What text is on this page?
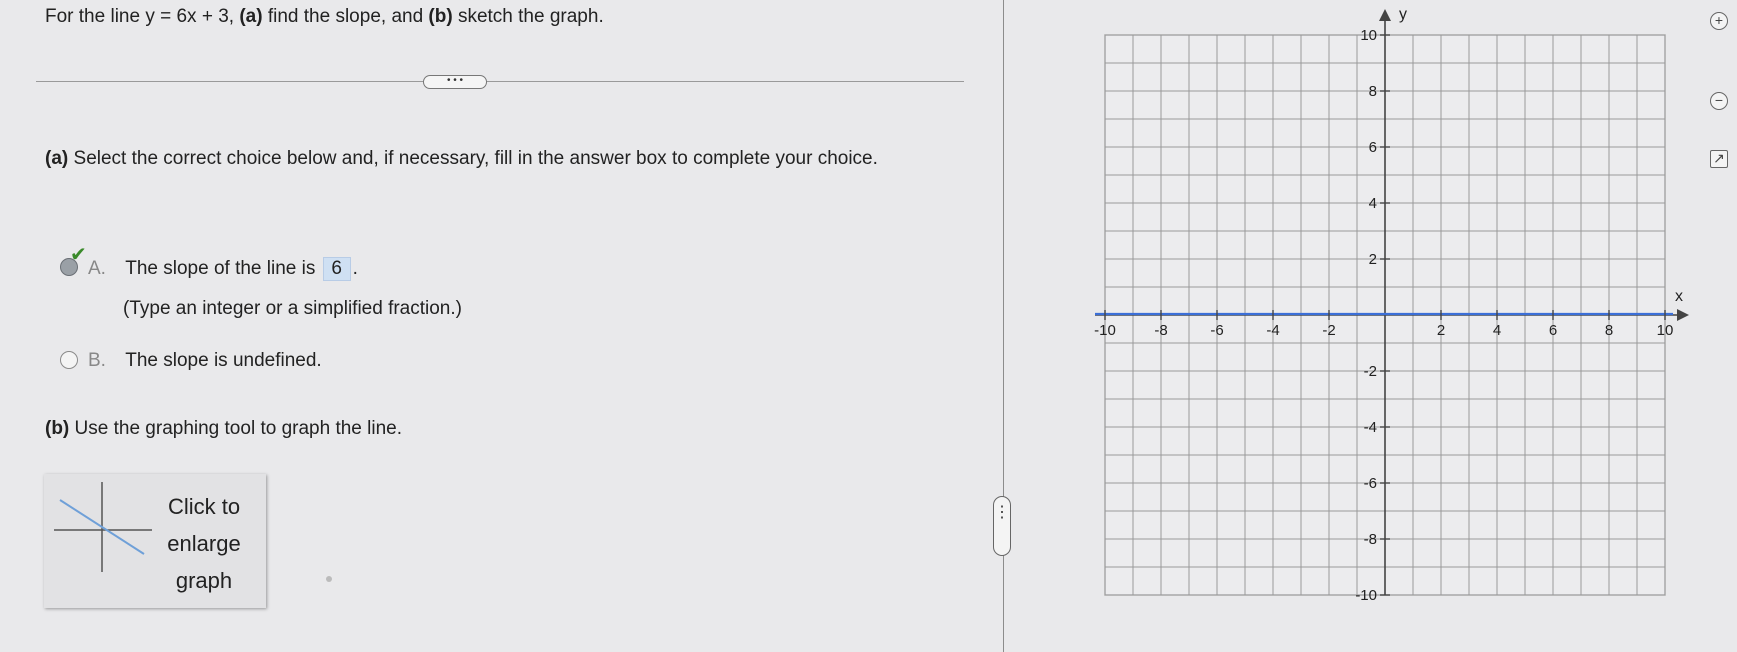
For the line y = 6x + 3, (a) find the slope, and (b) sketch the graph.
• • •
(a) Select the correct choice below and, if necessary, fill in the answer box to complete your choice.
✔
A. The slope of the line is 6 .
(Type an integer or a simplified fraction.)
B. The slope is undefined.
(b) Use the graphing tool to graph the line.
Click to
enlarge
graph
⋮
y
x
-10	-8	-6	-4	-2	2	4	6	8	10
10
8
6
4
2
-2
-4
-6
-8
-10
+
−
↗
